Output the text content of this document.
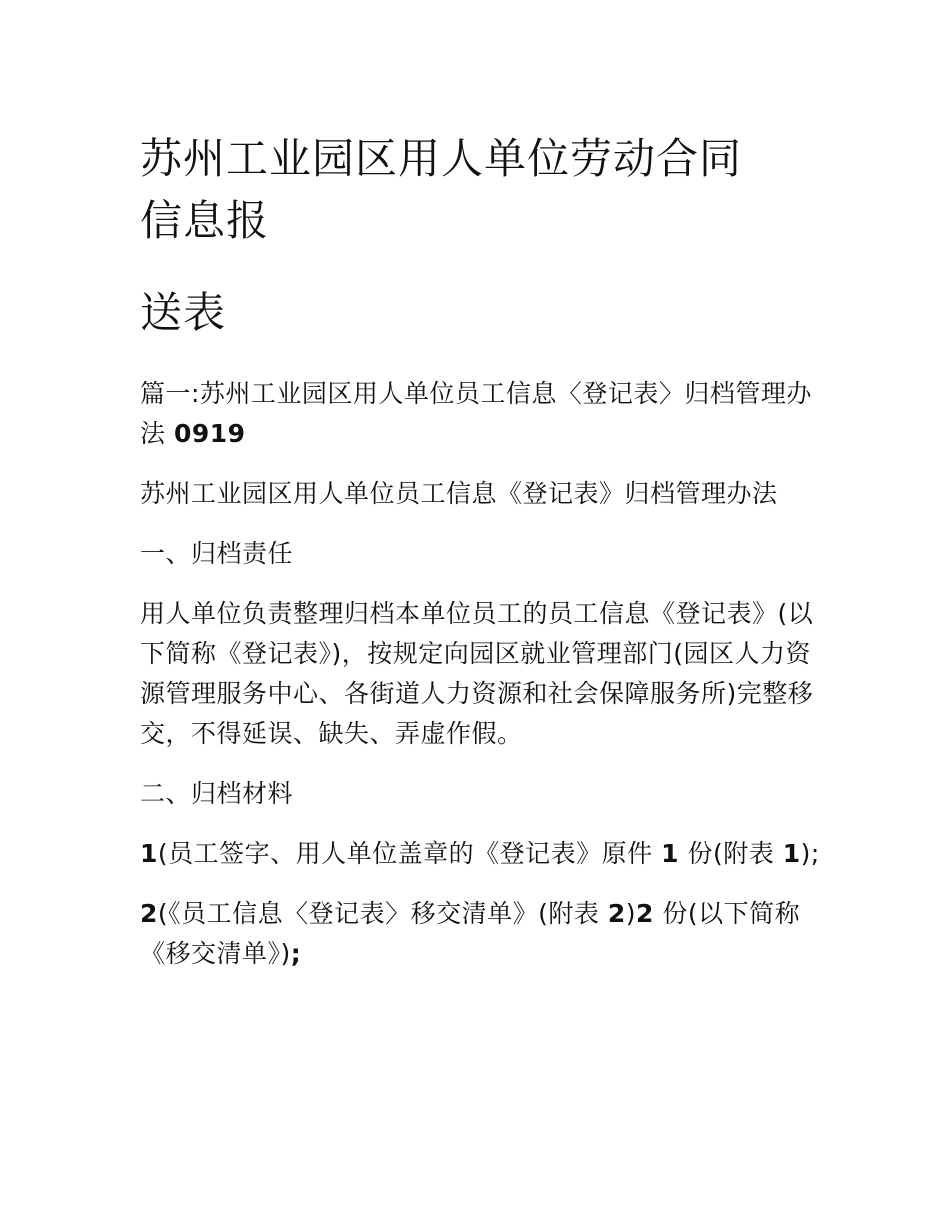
苏州工业园区用人单位劳动合同
信息报
送表

篇一:苏州工业园区用人单位员工信息〈登记表〉归档管理办法 0919

苏州工业园区用人单位员工信息《登记表》归档管理办法

一、归档责任

用人单位负责整理归档本单位员工的员工信息《登记表》(以下简称《登记表》)，按规定向园区就业管理部门(园区人力资源管理服务中心、各街道人力资源和社会保障服务所)完整移交，不得延误、缺失、弄虚作假。

二、归档材料

1(员工签字、用人单位盖章的《登记表》原件 1 份(附表 1);

2(《员工信息〈登记表〉移交清单》(附表 2)2 份(以下简称《移交清单》);
